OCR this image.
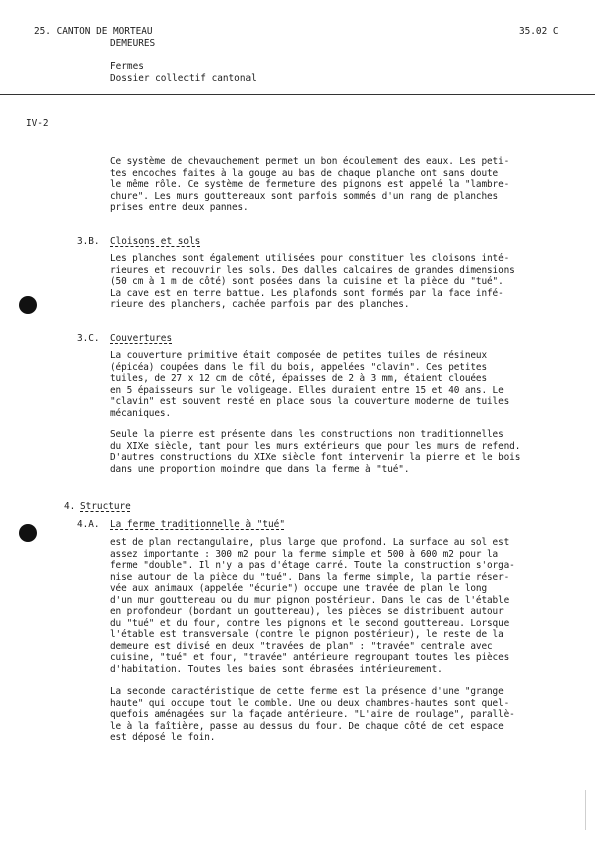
25. CANTON DE MORTEAU
DEMEURES
35.02 C
Fermes
Dossier collectif cantonal
IV-2
Ce système de chevauchement permet un bon écoulement des eaux. Les peti-
tes encoches faites à la gouge au bas de chaque planche ont sans doute
le même rôle. Ce système de fermeture des pignons est appelé la "lambre-
chure". Les murs gouttereaux sont parfois sommés d'un rang de planches
prises entre deux pannes.
3.B. Cloisons et sols
Les planches sont également utilisées pour constituer les cloisons inté-
rieures et recouvrir les sols. Des dalles calcaires de grandes dimensions
(50 cm à 1 m de côté) sont posées dans la cuisine et la pièce du "tué".
La cave est en terre battue. Les plafonds sont formés par la face infé-
rieure des planchers, cachée parfois par des planches.
3.C. Couvertures
La couverture primitive était composée de petites tuiles de résineux
(épicéa) coupées dans le fil du bois, appelées "clavin". Ces petites
tuiles, de 27 x 12 cm de côté, épaisses de 2 à 3 mm, étaient clouées
en 5 épaisseurs sur le voligeage. Elles duraient entre 15 et 40 ans. Le
"clavin" est souvent resté en place sous la couverture moderne de tuiles
mécaniques.
Seule la pierre est présente dans les constructions non traditionnelles
du XIXe siècle, tant pour les murs extérieurs que pour les murs de refend.
D'autres constructions du XIXe siècle font intervenir la pierre et le bois
dans une proportion moindre que dans la ferme à "tué".
4. Structure
4.A. La ferme traditionnelle à "tué"
est de plan rectangulaire, plus large que profond. La surface au sol est
assez importante : 300 m2 pour la ferme simple et 500 à 600 m2 pour la
ferme "double". Il n'y a pas d'étage carré. Toute la construction s'orga-
nise autour de la pièce du "tué". Dans la ferme simple, la partie réser-
vée aux animaux (appelée "écurie") occupe une travée de plan le long
d'un mur gouttereau ou du mur pignon postérieur. Dans le cas de l'étable
en profondeur (bordant un gouttereau), les pièces se distribuent autour
du "tué" et du four, contre les pignons et le second gouttereau. Lorsque
l'étable est transversale (contre le pignon postérieur), le reste de la
demeure est divisé en deux "travées de plan" : "travée" centrale avec
cuisine, "tué" et four, "travée" antérieure regroupant toutes les pièces
d'habitation. Toutes les baies sont ébrasées intérieurement.
La seconde caractéristique de cette ferme est la présence d'une "grange
haute" qui occupe tout le comble. Une ou deux chambres-hautes sont quel-
quefois aménagées sur la façade antérieure. "L'aire de roulage", parallè-
le à la faîtière, passe au dessus du four. De chaque côté de cet espace
est déposé le foin.
